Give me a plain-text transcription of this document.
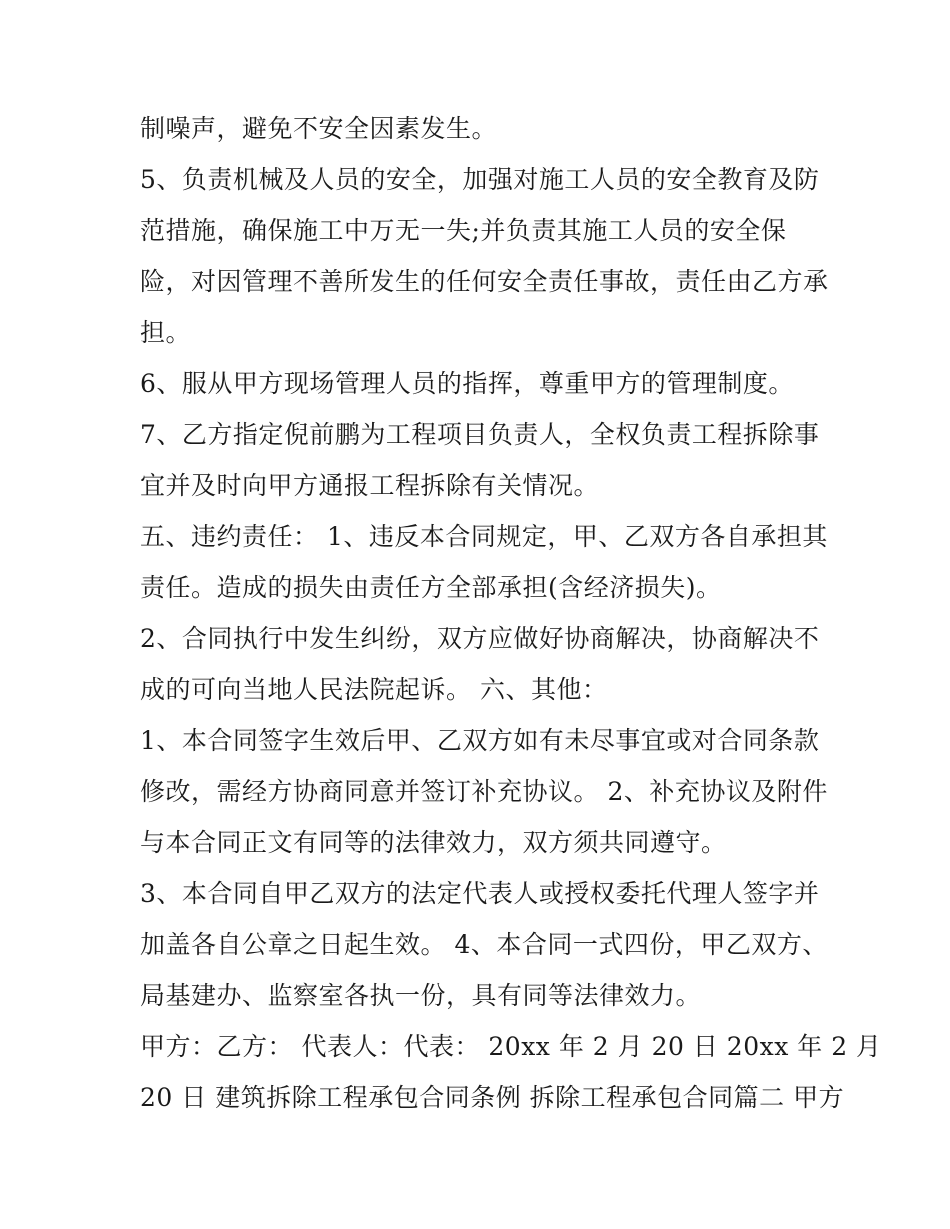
制噪声，避免不安全因素发生。
5、负责机械及人员的安全，加强对施工人员的安全教育及防
范措施，确保施工中万无一失;并负责其施工人员的安全保
险，对因管理不善所发生的任何安全责任事故，责任由乙方承
担。
6、服从甲方现场管理人员的指挥，尊重甲方的管理制度。
7、乙方指定倪前鹏为工程项目负责人，全权负责工程拆除事
宜并及时向甲方通报工程拆除有关情况。
五、违约责任： 1、违反本合同规定，甲、乙双方各自承担其
责任。造成的损失由责任方全部承担(含经济损失)。
2、合同执行中发生纠纷，双方应做好协商解决，协商解决不
成的可向当地人民法院起诉。 六、其他：
1、本合同签字生效后甲、乙双方如有未尽事宜或对合同条款
修改，需经方协商同意并签订补充协议。 2、补充协议及附件
与本合同正文有同等的法律效力，双方须共同遵守。
3、本合同自甲乙双方的法定代表人或授权委托代理人签字并
加盖各自公章之日起生效。 4、本合同一式四份，甲乙双方、
局基建办、监察室各执一份，具有同等法律效力。
甲方：乙方： 代表人：代表： 20xx 年 2 月 20 日 20xx 年 2 月
20 日 建筑拆除工程承包合同条例 拆除工程承包合同篇二 甲方
